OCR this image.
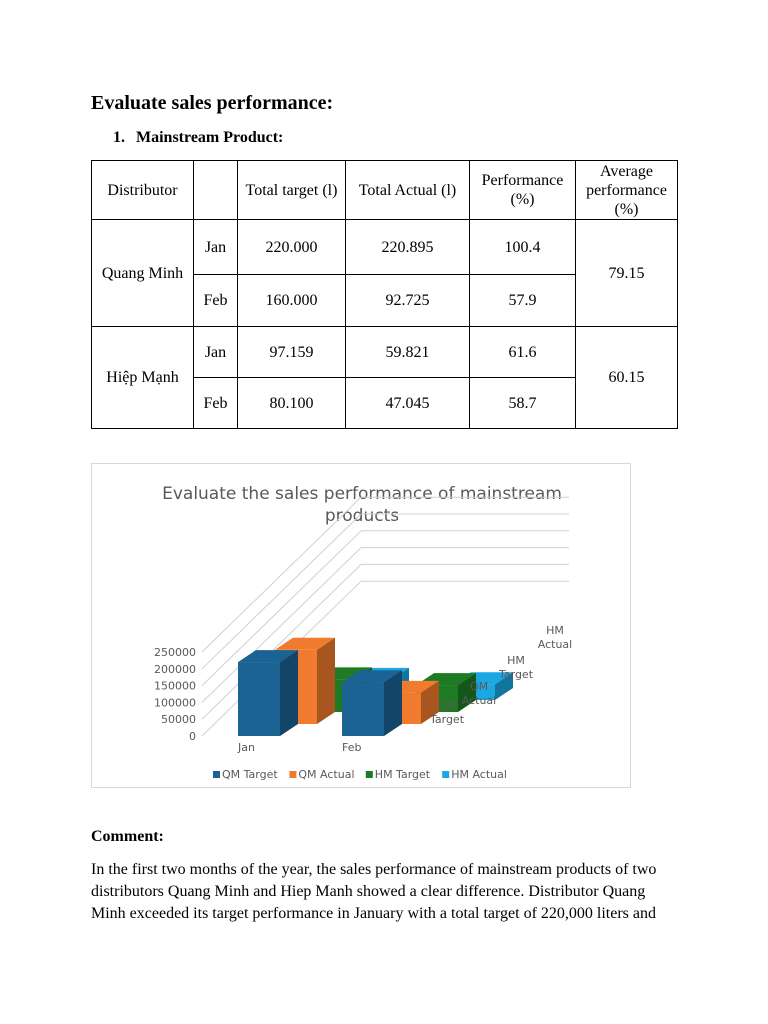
Evaluate sales performance:
1. Mainstream Product:
Distributor		Total target (l)	Total Actual (l)	Performance (%)	Average performance (%)
Quang Minh	Jan	220.000	220.895	100.4	79.15
	Feb	160.000	92.725	57.9	
Hiệp Mạnh	Jan	97.159	59.821	61.6	60.15
	Feb	80.100	47.045	58.7	
Evaluate the sales performance of mainstream
products
250000
200000
150000
100000
50000
0
Jan	Feb
QM
Target
QM
Actual
HM
Target
HM
Actual
QM Target QM Actual HM Target HM Actual
Comment:

In the first two months of the year, the sales performance of mainstream products of two
distributors Quang Minh and Hiep Manh showed a clear difference. Distributor Quang
Minh exceeded its target performance in January with a total target of 220,000 liters and
